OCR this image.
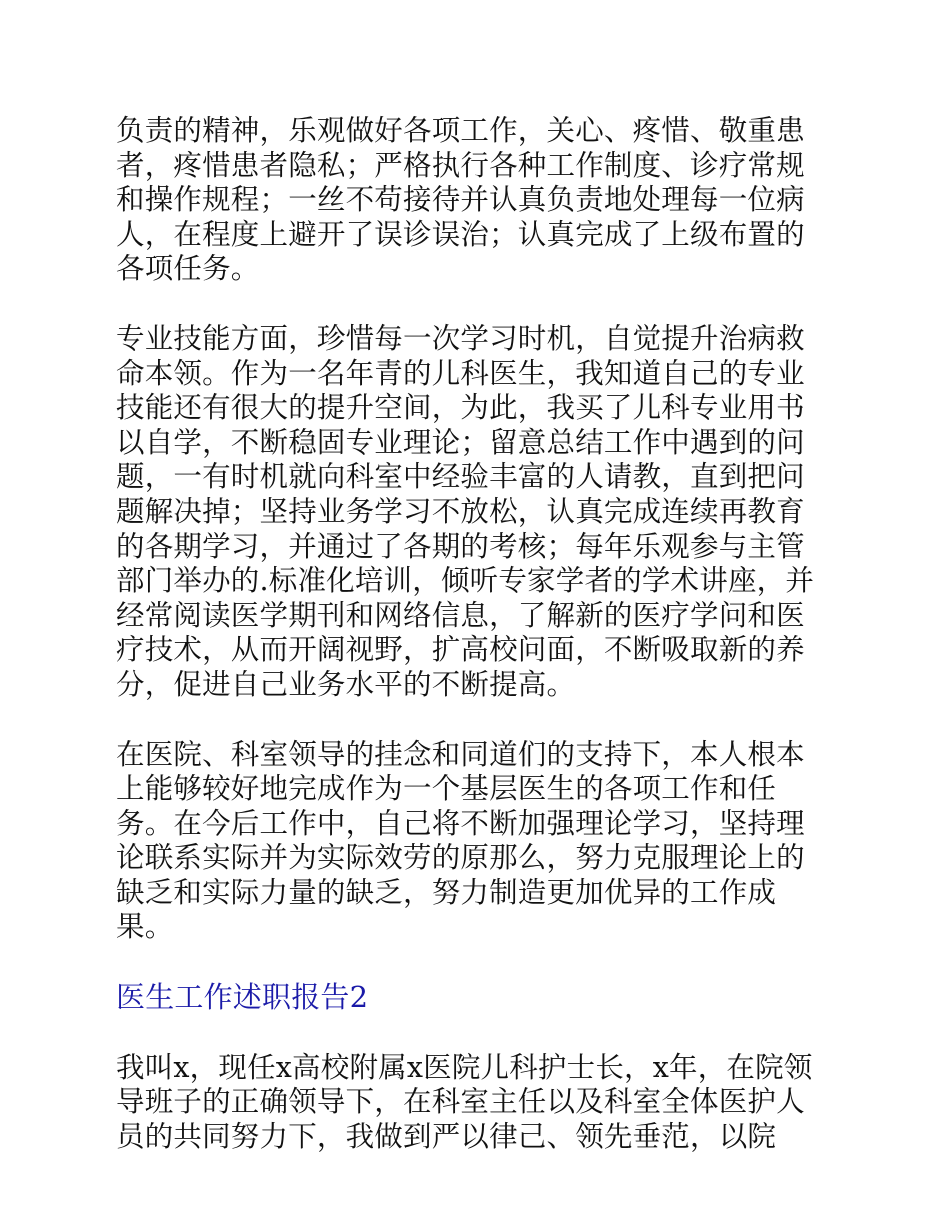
负责的精神，乐观做好各项工作，关心、疼惜、敬重患者，疼惜患者隐私；严格执行各种工作制度、诊疗常规和操作规程；一丝不苟接待并认真负责地处理每一位病人，在程度上避开了误诊误治；认真完成了上级布置的各项任务。

专业技能方面，珍惜每一次学习时机，自觉提升治病救命本领。作为一名年青的儿科医生，我知道自己的专业技能还有很大的提升空间，为此，我买了儿科专业用书以自学，不断稳固专业理论；留意总结工作中遇到的问题，一有时机就向科室中经验丰富的人请教，直到把问题解决掉；坚持业务学习不放松，认真完成连续再教育的各期学习，并通过了各期的考核；每年乐观参与主管部门举办的.标准化培训，倾听专家学者的学术讲座，并经常阅读医学期刊和网络信息，了解新的医疗学问和医疗技术，从而开阔视野，扩高校问面，不断吸取新的养分，促进自己业务水平的不断提高。

在医院、科室领导的挂念和同道们的支持下，本人根本上能够较好地完成作为一个基层医生的各项工作和任务。在今后工作中，自己将不断加强理论学习，坚持理论联系实际并为实际效劳的原那么，努力克服理论上的缺乏和实际力量的缺乏，努力制造更加优异的工作成果。

医生工作述职报告2

我叫x，现任x高校附属x医院儿科护士长，x年，在院领导班子的正确领导下，在科室主任以及科室全体医护人员的共同努力下，我做到严以律己、领先垂范，以院
